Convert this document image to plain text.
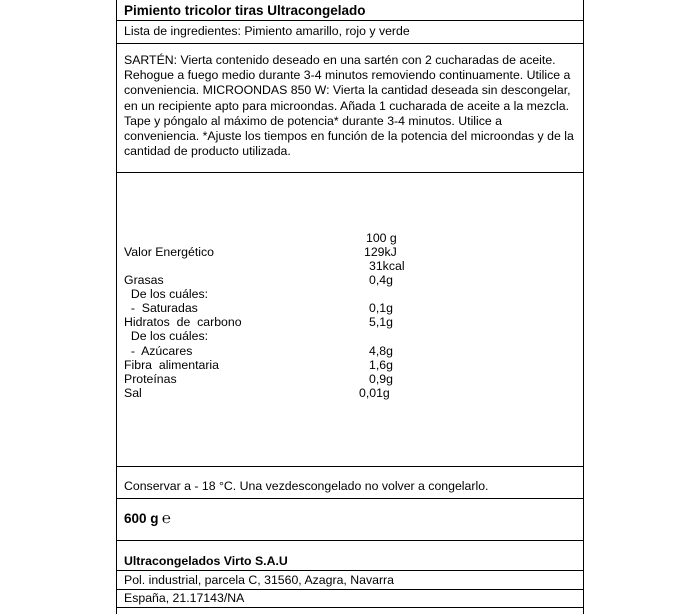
Pimiento tricolor tiras Ultracongelado
Lista de ingredientes: Pimiento amarillo, rojo y verde
SARTÉN: Vierta contenido deseado en una sartén con 2 cucharadas de aceite.
Rehogue a fuego medio durante 3-4 minutos removiendo continuamente. Utilice a
conveniencia. MICROONDAS 850 W: Vierta la cantidad deseada sin descongelar,
en un recipiente apto para microondas. Añada 1 cucharada de aceite a la mezcla.
Tape y póngalo al máximo de potencia* durante 3-4 minutos. Utilice a
conveniencia. *Ajuste los tiempos en función de la potencia del microondas y de la
cantidad de producto utilizada.
100 g
Valor Energético	129kJ
31kcal
Grasas	0,4g
De los cuáles:
-  Saturadas	0,1g
Hidratos  de  carbono	5,1g
De los cuáles:
-  Azúcares	4,8g
Fibra  alimentaria	1,6g
Proteínas	0,9g
Sal	0,01g
Conservar a - 18 °C. Una vezdescongelado no volver a congelarlo.
600 g ℮
Ultracongelados Virto S.A.U
Pol. industrial, parcela C, 31560, Azagra, Navarra
España, 21.17143/NA
